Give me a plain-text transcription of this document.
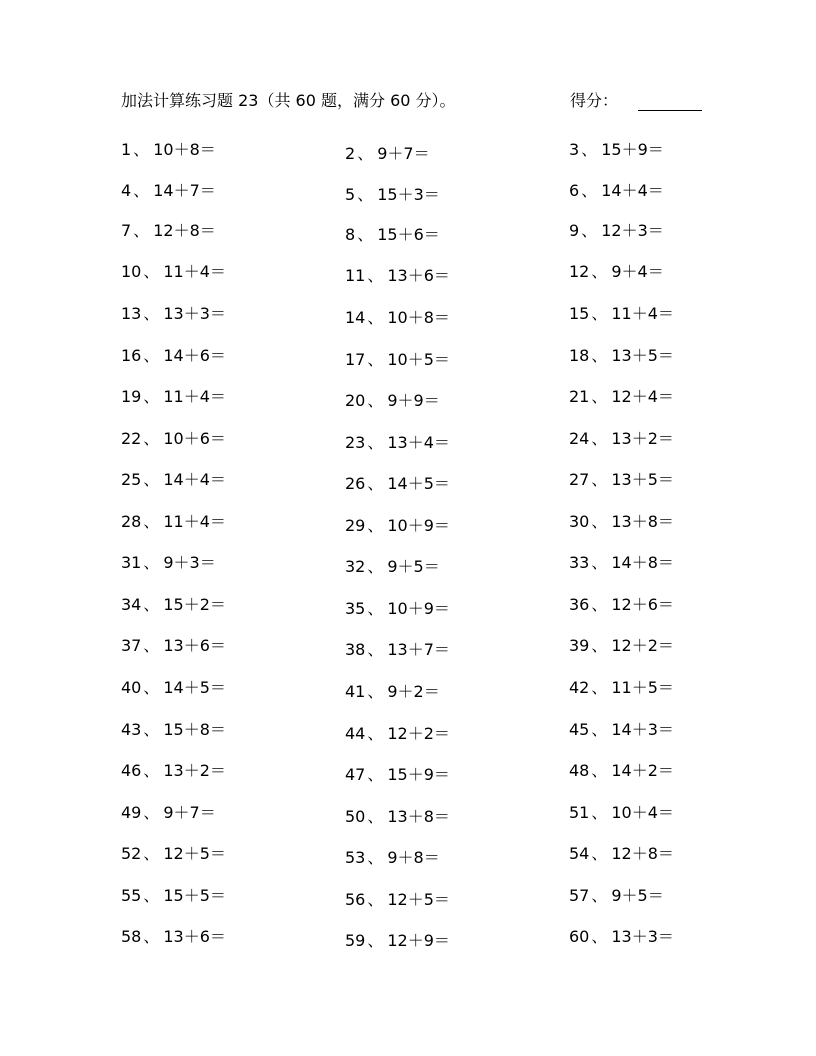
加法计算练习题 23（共 60 题，满分 60 分）。	得分：
1 、 10＋8＝	2 、 9＋7＝	3 、 15＋9＝
4 、 14＋7＝	5 、 15＋3＝	6 、 14＋4＝
7 、 12＋8＝	8 、 15＋6＝	9 、 12＋3＝
10 、 11＋4＝	11 、 13＋6＝	12 、 9＋4＝
13 、 13＋3＝	14 、 10＋8＝	15 、 11＋4＝
16 、 14＋6＝	17 、 10＋5＝	18 、 13＋5＝
19 、 11＋4＝	20 、 9＋9＝	21 、 12＋4＝
22 、 10＋6＝	23 、 13＋4＝	24 、 13＋2＝
25 、 14＋4＝	26 、 14＋5＝	27 、 13＋5＝
28 、 11＋4＝	29 、 10＋9＝	30 、 13＋8＝
31 、 9＋3＝	32 、 9＋5＝	33 、 14＋8＝
34 、 15＋2＝	35 、 10＋9＝	36 、 12＋6＝
37 、 13＋6＝	38 、 13＋7＝	39 、 12＋2＝
40 、 14＋5＝	41 、 9＋2＝	42 、 11＋5＝
43 、 15＋8＝	44 、 12＋2＝	45 、 14＋3＝
46 、 13＋2＝	47 、 15＋9＝	48 、 14＋2＝
49 、 9＋7＝	50 、 13＋8＝	51 、 10＋4＝
52 、 12＋5＝	53 、 9＋8＝	54 、 12＋8＝
55 、 15＋5＝	56 、 12＋5＝	57 、 9＋5＝
58 、 13＋6＝	59 、 12＋9＝	60 、 13＋3＝
